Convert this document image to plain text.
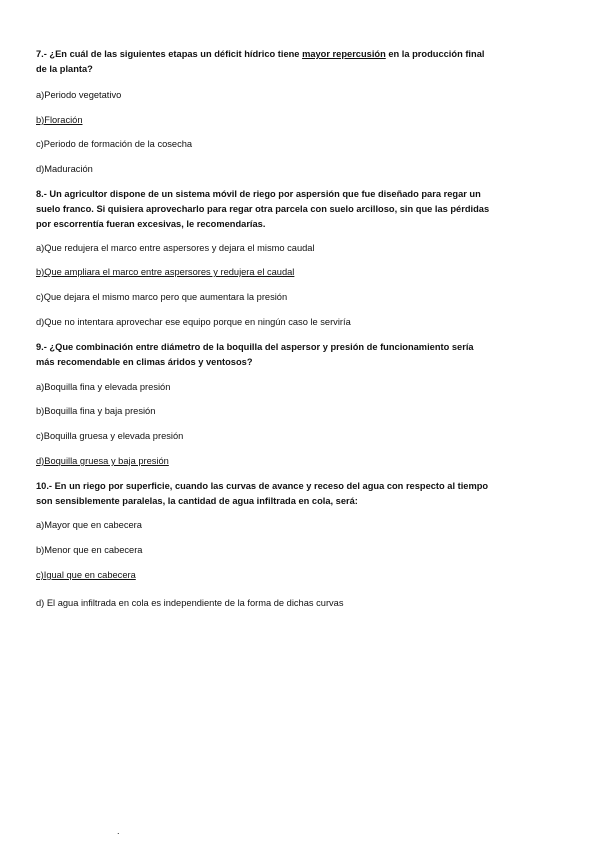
7.- ¿En cuál de las siguientes etapas un déficit hídrico tiene mayor repercusión en la producción final

de la planta?

a)Periodo vegetativo

b)Floración

c)Periodo de formación de la cosecha

d)Maduración

8.- Un agricultor dispone de un sistema móvil de riego por aspersión que fue diseñado para regar un

suelo franco. Si quisiera aprovecharlo para regar otra parcela con suelo arcilloso, sin que las pérdidas

por escorrentía fueran excesivas, le recomendarías.

a)Que redujera el marco entre aspersores y dejara el mismo caudal

b)Que ampliara el marco entre aspersores y redujera el caudal

c)Que dejara el mismo marco pero que aumentara la presión

d)Que no intentara aprovechar ese equipo porque en ningún caso le serviría

9.- ¿Que combinación entre diámetro de la boquilla del aspersor y presión de funcionamiento sería

más recomendable en climas áridos y ventosos?

a)Boquilla fina y elevada presión

b)Boquilla fina y baja presión

c)Boquilla gruesa y elevada presión

d)Boquilla gruesa y baja presión

10.- En un riego por superficie, cuando las curvas de avance y receso del agua con respecto al tiempo

son sensiblemente paralelas, la cantidad de agua infiltrada en cola, será:

a)Mayor que en cabecera

b)Menor que en cabecera

c)Igual que en cabecera

d) El agua infiltrada en cola es independiente de la forma de dichas curvas

.
